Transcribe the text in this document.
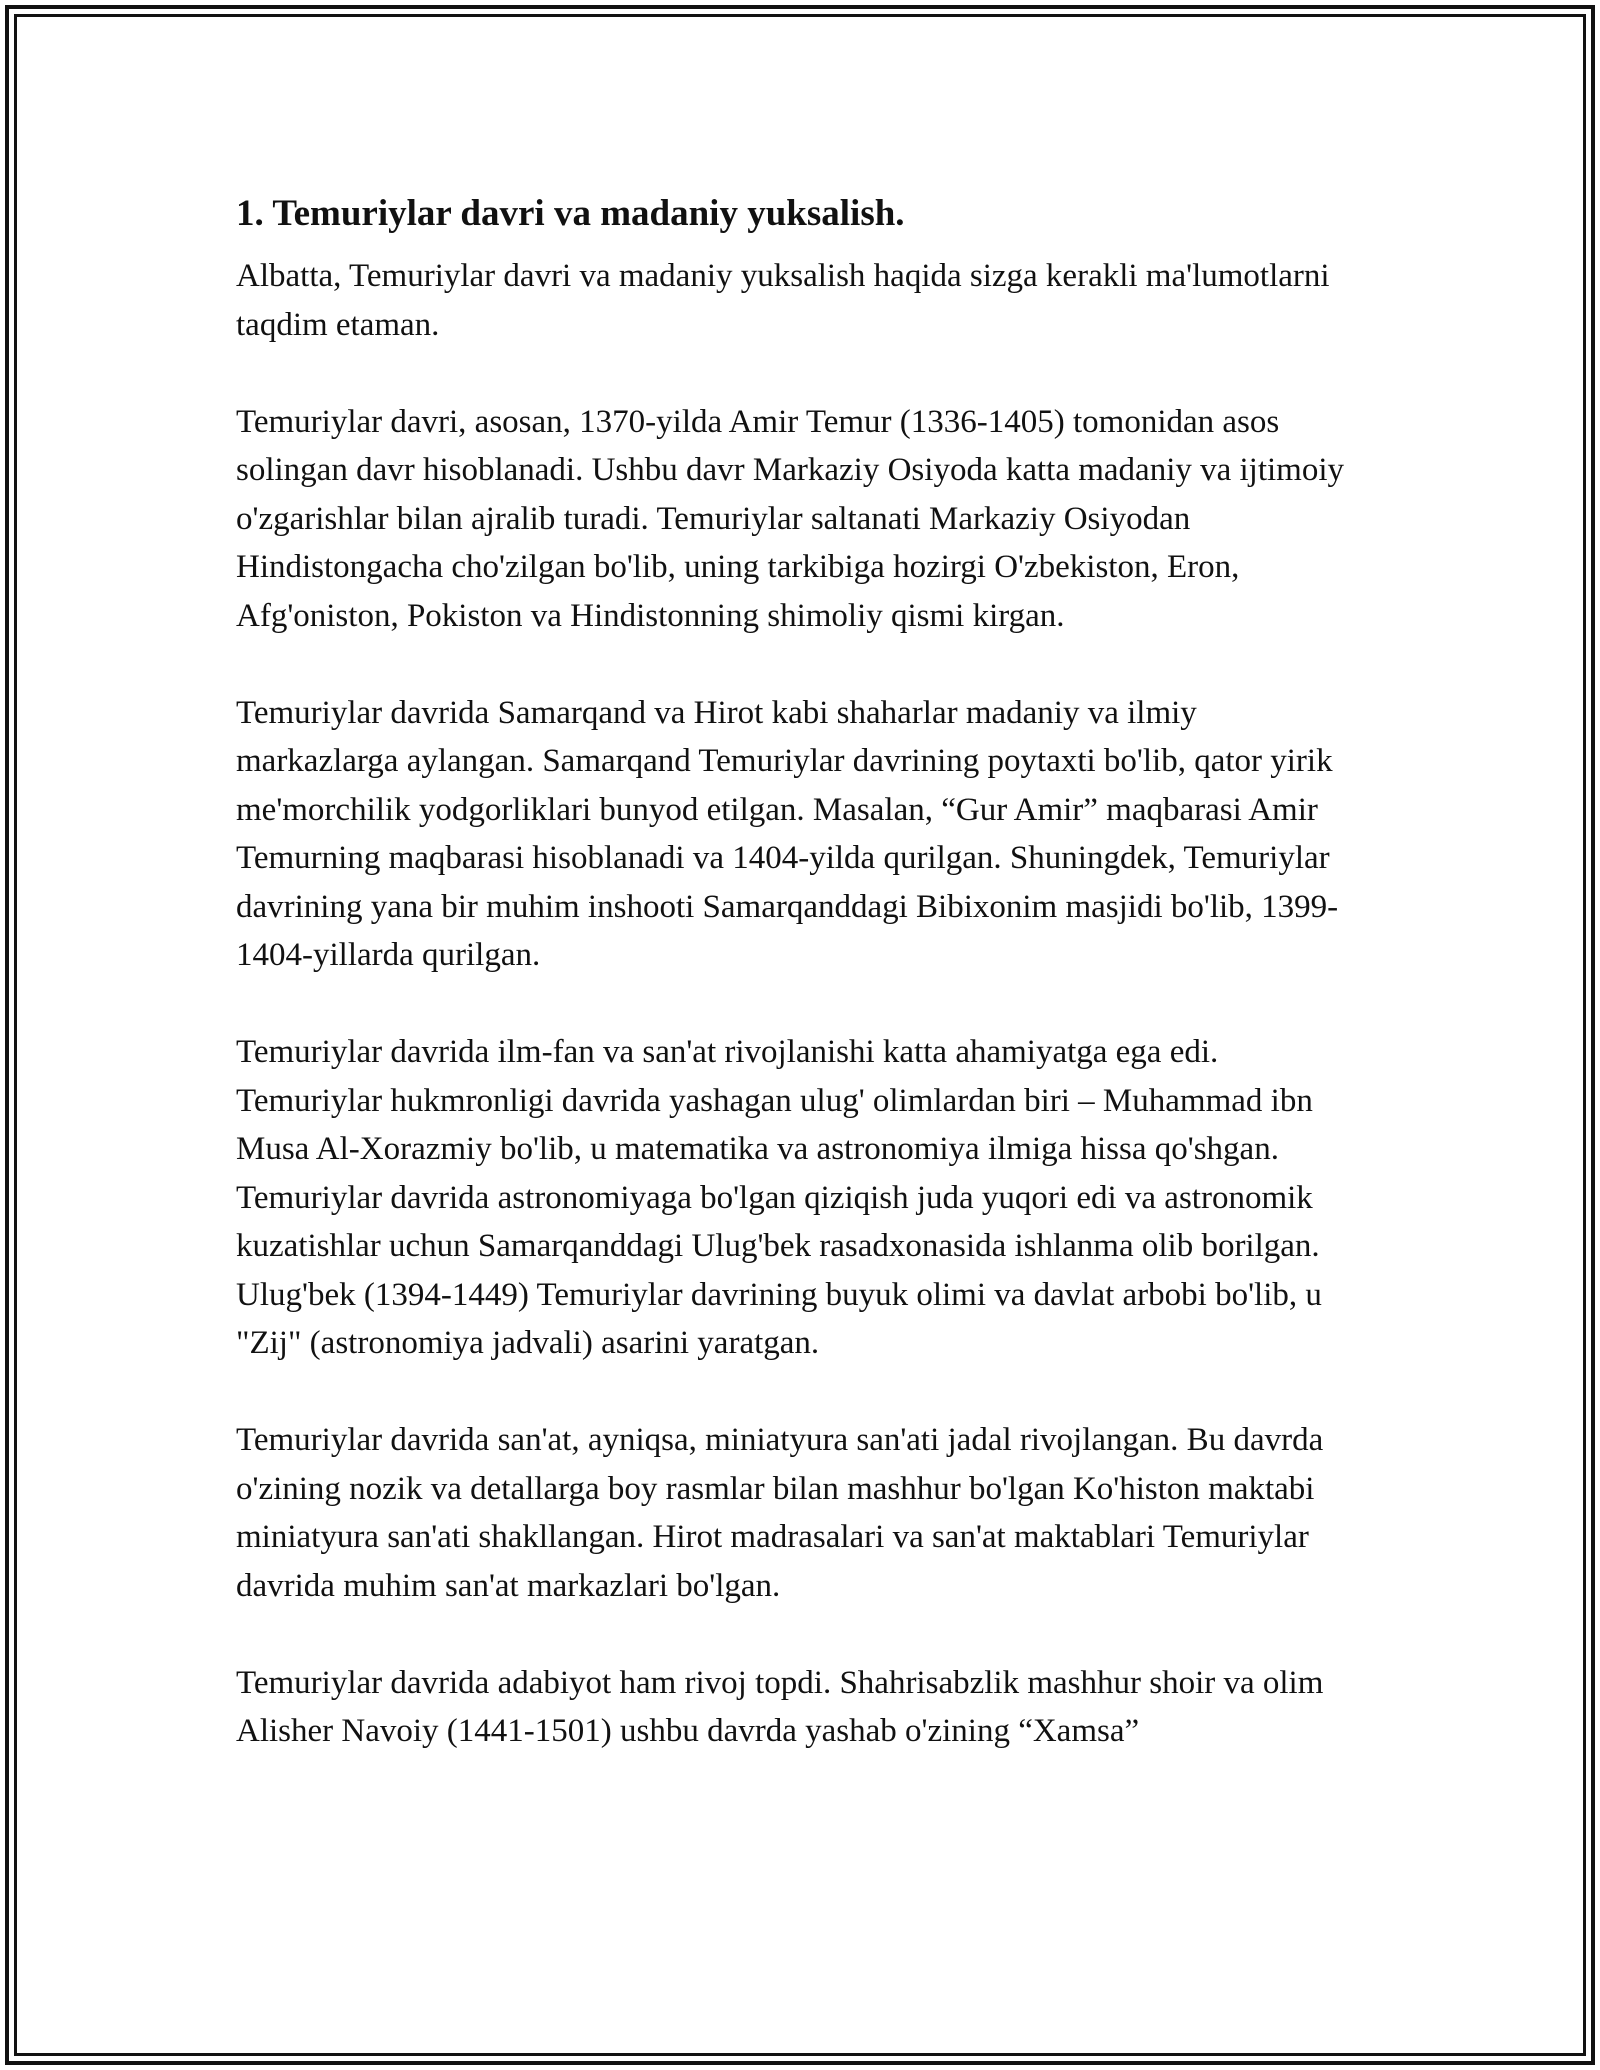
1. Temuriylar davri va madaniy yuksalish.

Albatta, Temuriylar davri va madaniy yuksalish haqida sizga kerakli ma'lumotlarni taqdim etaman.

Temuriylar davri, asosan, 1370-yilda Amir Temur (1336-1405) tomonidan asos solingan davr hisoblanadi. Ushbu davr Markaziy Osiyoda katta madaniy va ijtimoiy o'zgarishlar bilan ajralib turadi. Temuriylar saltanati Markaziy Osiyodan Hindistongacha cho'zilgan bo'lib, uning tarkibiga hozirgi O'zbekiston, Eron, Afg'oniston, Pokiston va Hindistonning shimoliy qismi kirgan.

Temuriylar davrida Samarqand va Hirot kabi shaharlar madaniy va ilmiy markazlarga aylangan. Samarqand Temuriylar davrining poytaxti bo'lib, qator yirik me'morchilik yodgorliklari bunyod etilgan. Masalan, “Gur Amir” maqbarasi Amir Temurning maqbarasi hisoblanadi va 1404-yilda qurilgan. Shuningdek, Temuriylar davrining yana bir muhim inshooti Samarqanddagi Bibixonim masjidi bo'lib, 1399-1404-yillarda qurilgan.

Temuriylar davrida ilm-fan va san'at rivojlanishi katta ahamiyatga ega edi. Temuriylar hukmronligi davrida yashagan ulug' olimlardan biri – Muhammad ibn Musa Al-Xorazmiy bo'lib, u matematika va astronomiya ilmiga hissa qo'shgan. Temuriylar davrida astronomiyaga bo'lgan qiziqish juda yuqori edi va astronomik kuzatishlar uchun Samarqanddagi Ulug'bek rasadxonasida ishlanma olib borilgan. Ulug'bek (1394-1449) Temuriylar davrining buyuk olimi va davlat arbobi bo'lib, u "Zij" (astronomiya jadvali) asarini yaratgan.

Temuriylar davrida san'at, ayniqsa, miniatyura san'ati jadal rivojlangan. Bu davrda o'zining nozik va detallarga boy rasmlar bilan mashhur bo'lgan Ko'histon maktabi miniatyura san'ati shakllangan. Hirot madrasalari va san'at maktablari Temuriylar davrida muhim san'at markazlari bo'lgan.

Temuriylar davrida adabiyot ham rivoj topdi. Shahrisabzlik mashhur shoir va olim Alisher Navoiy (1441-1501) ushbu davrda yashab o'zining “Xamsa”
